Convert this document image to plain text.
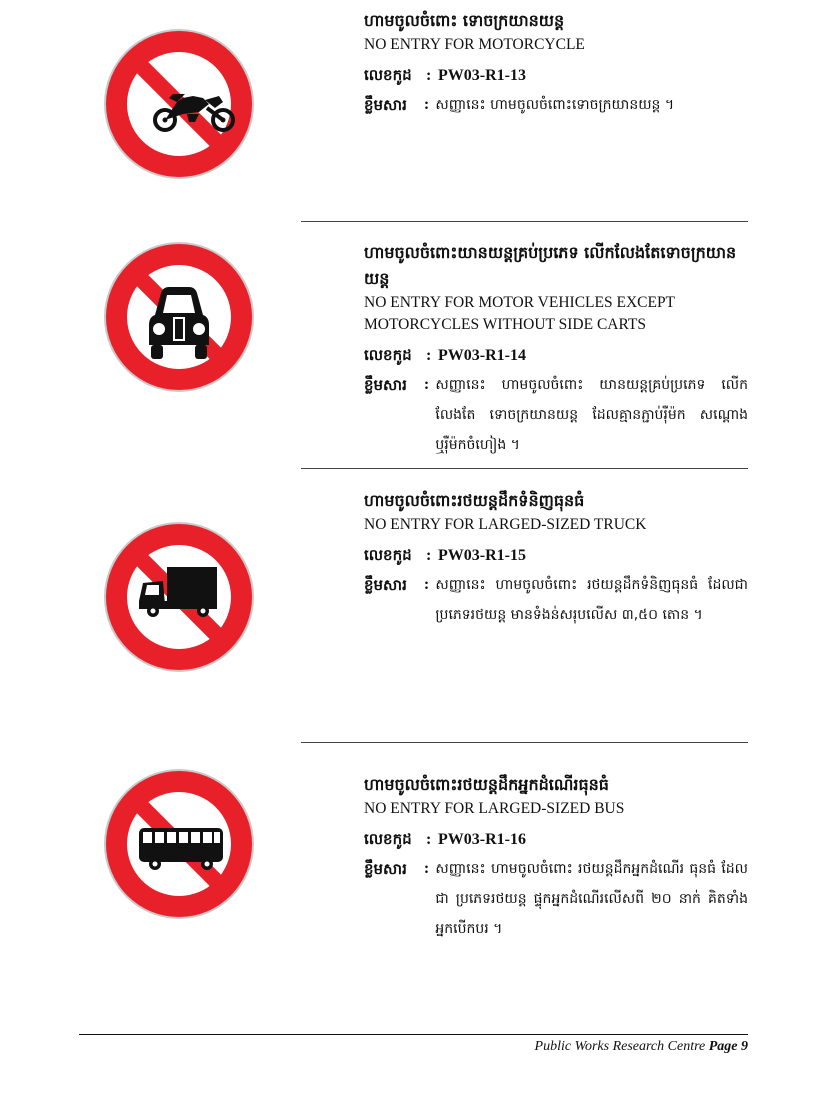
ហាមចូលចំពោះ ទោចក្រយានយន្ត
NO ENTRY FOR MOTORCYCLE
លេខកូដ : PW03-R1-13
ខ្លឹមសារ	: សញ្ញានេះ ហាមចូលចំពោះទោចក្រយានយន្ត ។
ហាមចូលចំពោះយានយន្តគ្រប់ប្រភេទ លើកលែងតែទោចក្រយានយន្ត
NO ENTRY FOR MOTOR VEHICLES EXCEPT MOTORCYCLES WITHOUT SIDE CARTS
លេខកូដ : PW03-R1-14
ខ្លឹមសារ	: សញ្ញានេះ ហាមចូលចំពោះ យានយន្តគ្រប់ប្រភេទ លើកលែងតែ ទោចក្រយានយន្ត ដែលគ្មានភ្ជាប់រ៉ឺម៉ក សណ្តោង ឬរ៉ឺម៉កចំហៀង ។
ហាមចូលចំពោះរថយន្តដឹកទំនិញធុនធំ
NO ENTRY FOR LARGED-SIZED TRUCK
លេខកូដ : PW03-R1-15
ខ្លឹមសារ	: សញ្ញានេះ ហាមចូលចំពោះ រថយន្តដឹកទំនិញធុនធំ ដែលជាប្រភេទរថយន្ត មានទំងន់សរុបលើស ៣,៥០ តោន ។
ហាមចូលចំពោះរថយន្តដឹកអ្នកដំណើរធុនធំ
NO ENTRY FOR LARGED-SIZED BUS
លេខកូដ : PW03-R1-16
ខ្លឹមសារ	: សញ្ញានេះ ហាមចូលចំពោះ រថយន្តដឹកអ្នកដំណើរ ធុនធំ ដែលជា ប្រភេទរថយន្ត ផ្ទុកអ្នកដំណើរលើសពី ២០ នាក់ គិតទាំងអ្នកបើកបរ ។
Public Works Research Centre Page 9
